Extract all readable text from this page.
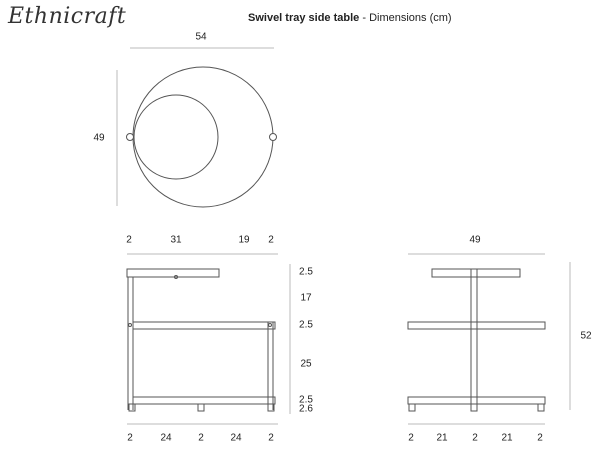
Ethnicraft	Swivel tray side table - Dimensions (cm)
54
49
2	31	19 2
2.5
17
2.5
25
2.5
2.6
2	24	2	24	2
49
52
2 21 2 21 2
